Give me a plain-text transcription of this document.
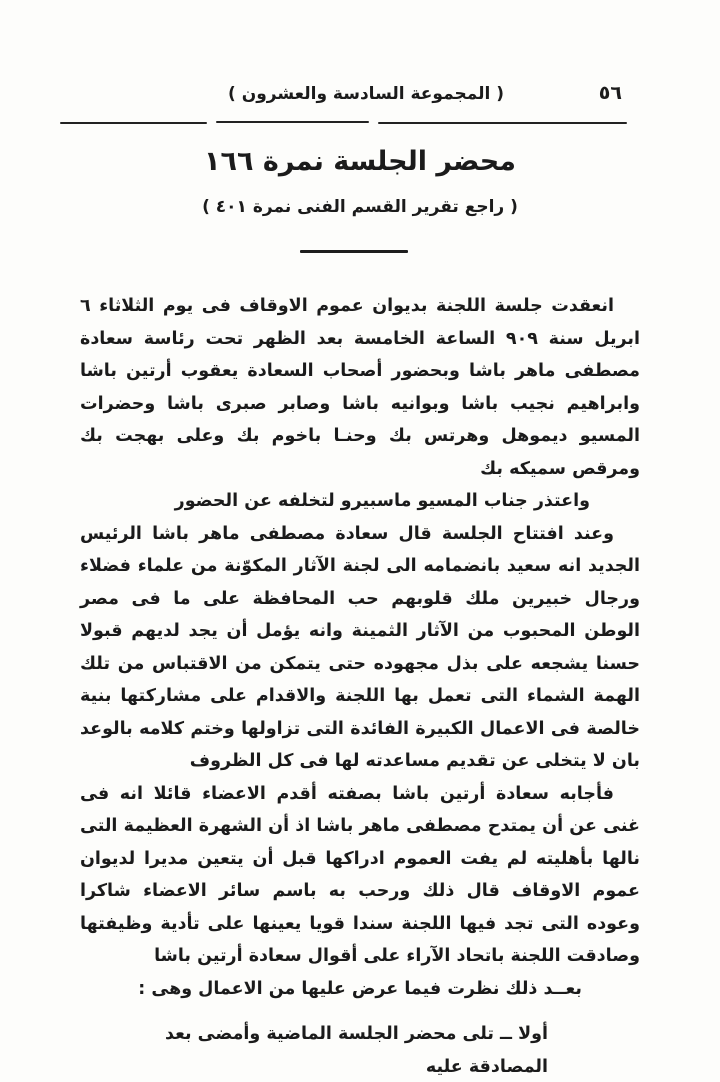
( المجموعة السادسة والعشرون )	٥٦
محضر الجلسة نمرة ١٦٦
( راجع تقرير القسم الفنى نمرة ٤٠١ )

انعقدت جلسة اللجنة بديوان عموم الاوقاف فى يوم الثلاثاء ٦ ابريل سنة ٩٠٩ الساعة الخامسة بعد الظهر تحت رئاسة سعادة مصطفى ماهر باشا وبحضور أصحاب السعادة يعقوب أرتين باشا وابراهيم نجيب باشا وبوانيه باشا وصابر صبرى باشا وحضرات المسيو ديموهل وهرتس بك وحنـا باخوم بك وعلى بهجت بك ومرقص سميكه بك

واعتذر جناب المسيو ماسبيرو لتخلفه عن الحضور

وعند افتتاح الجلسة قال سعادة مصطفى ماهر باشا الرئيس الجديد انه سعيد بانضمامه الى لجنة الآثار المكوّنة من علماء فضلاء ورجال خبيرين ملك قلوبهم حب المحافظة على ما فى مصر الوطن المحبوب من الآثار الثمينة وانه يؤمل أن يجد لديهم قبولا حسنا يشجعه على بذل مجهوده حتى يتمكن من الاقتباس من تلك الهمة الشماء التى تعمل بها اللجنة والاقدام على مشاركتها بنية خالصة فى الاعمال الكبيرة الفائدة التى تزاولها وختم كلامه بالوعد بان لا يتخلى عن تقديم مساعدته لها فى كل الظروف

فأجابه سعادة أرتين باشا بصفته أقدم الاعضاء قائلا انه فى غنى عن أن يمتدح مصطفى ماهر باشا اذ أن الشهرة العظيمة التى نالها بأهليته لم يفت العموم ادراكها قبل أن يتعين مديرا لديوان عموم الاوقاف قال ذلك ورحب به باسم سائر الاعضاء شاكرا وعوده التى تجد فيها اللجنة سندا قويا يعينها على تأدية وظيفتها وصادقت اللجنة باتحاد الآراء على أقوال سعادة أرتين باشا

بعــد ذلك نظرت فيما عرض عليها من الاعمال وهى :

أولا ــ تلى محضر الجلسة الماضية وأمضى بعد المصادقة عليه
